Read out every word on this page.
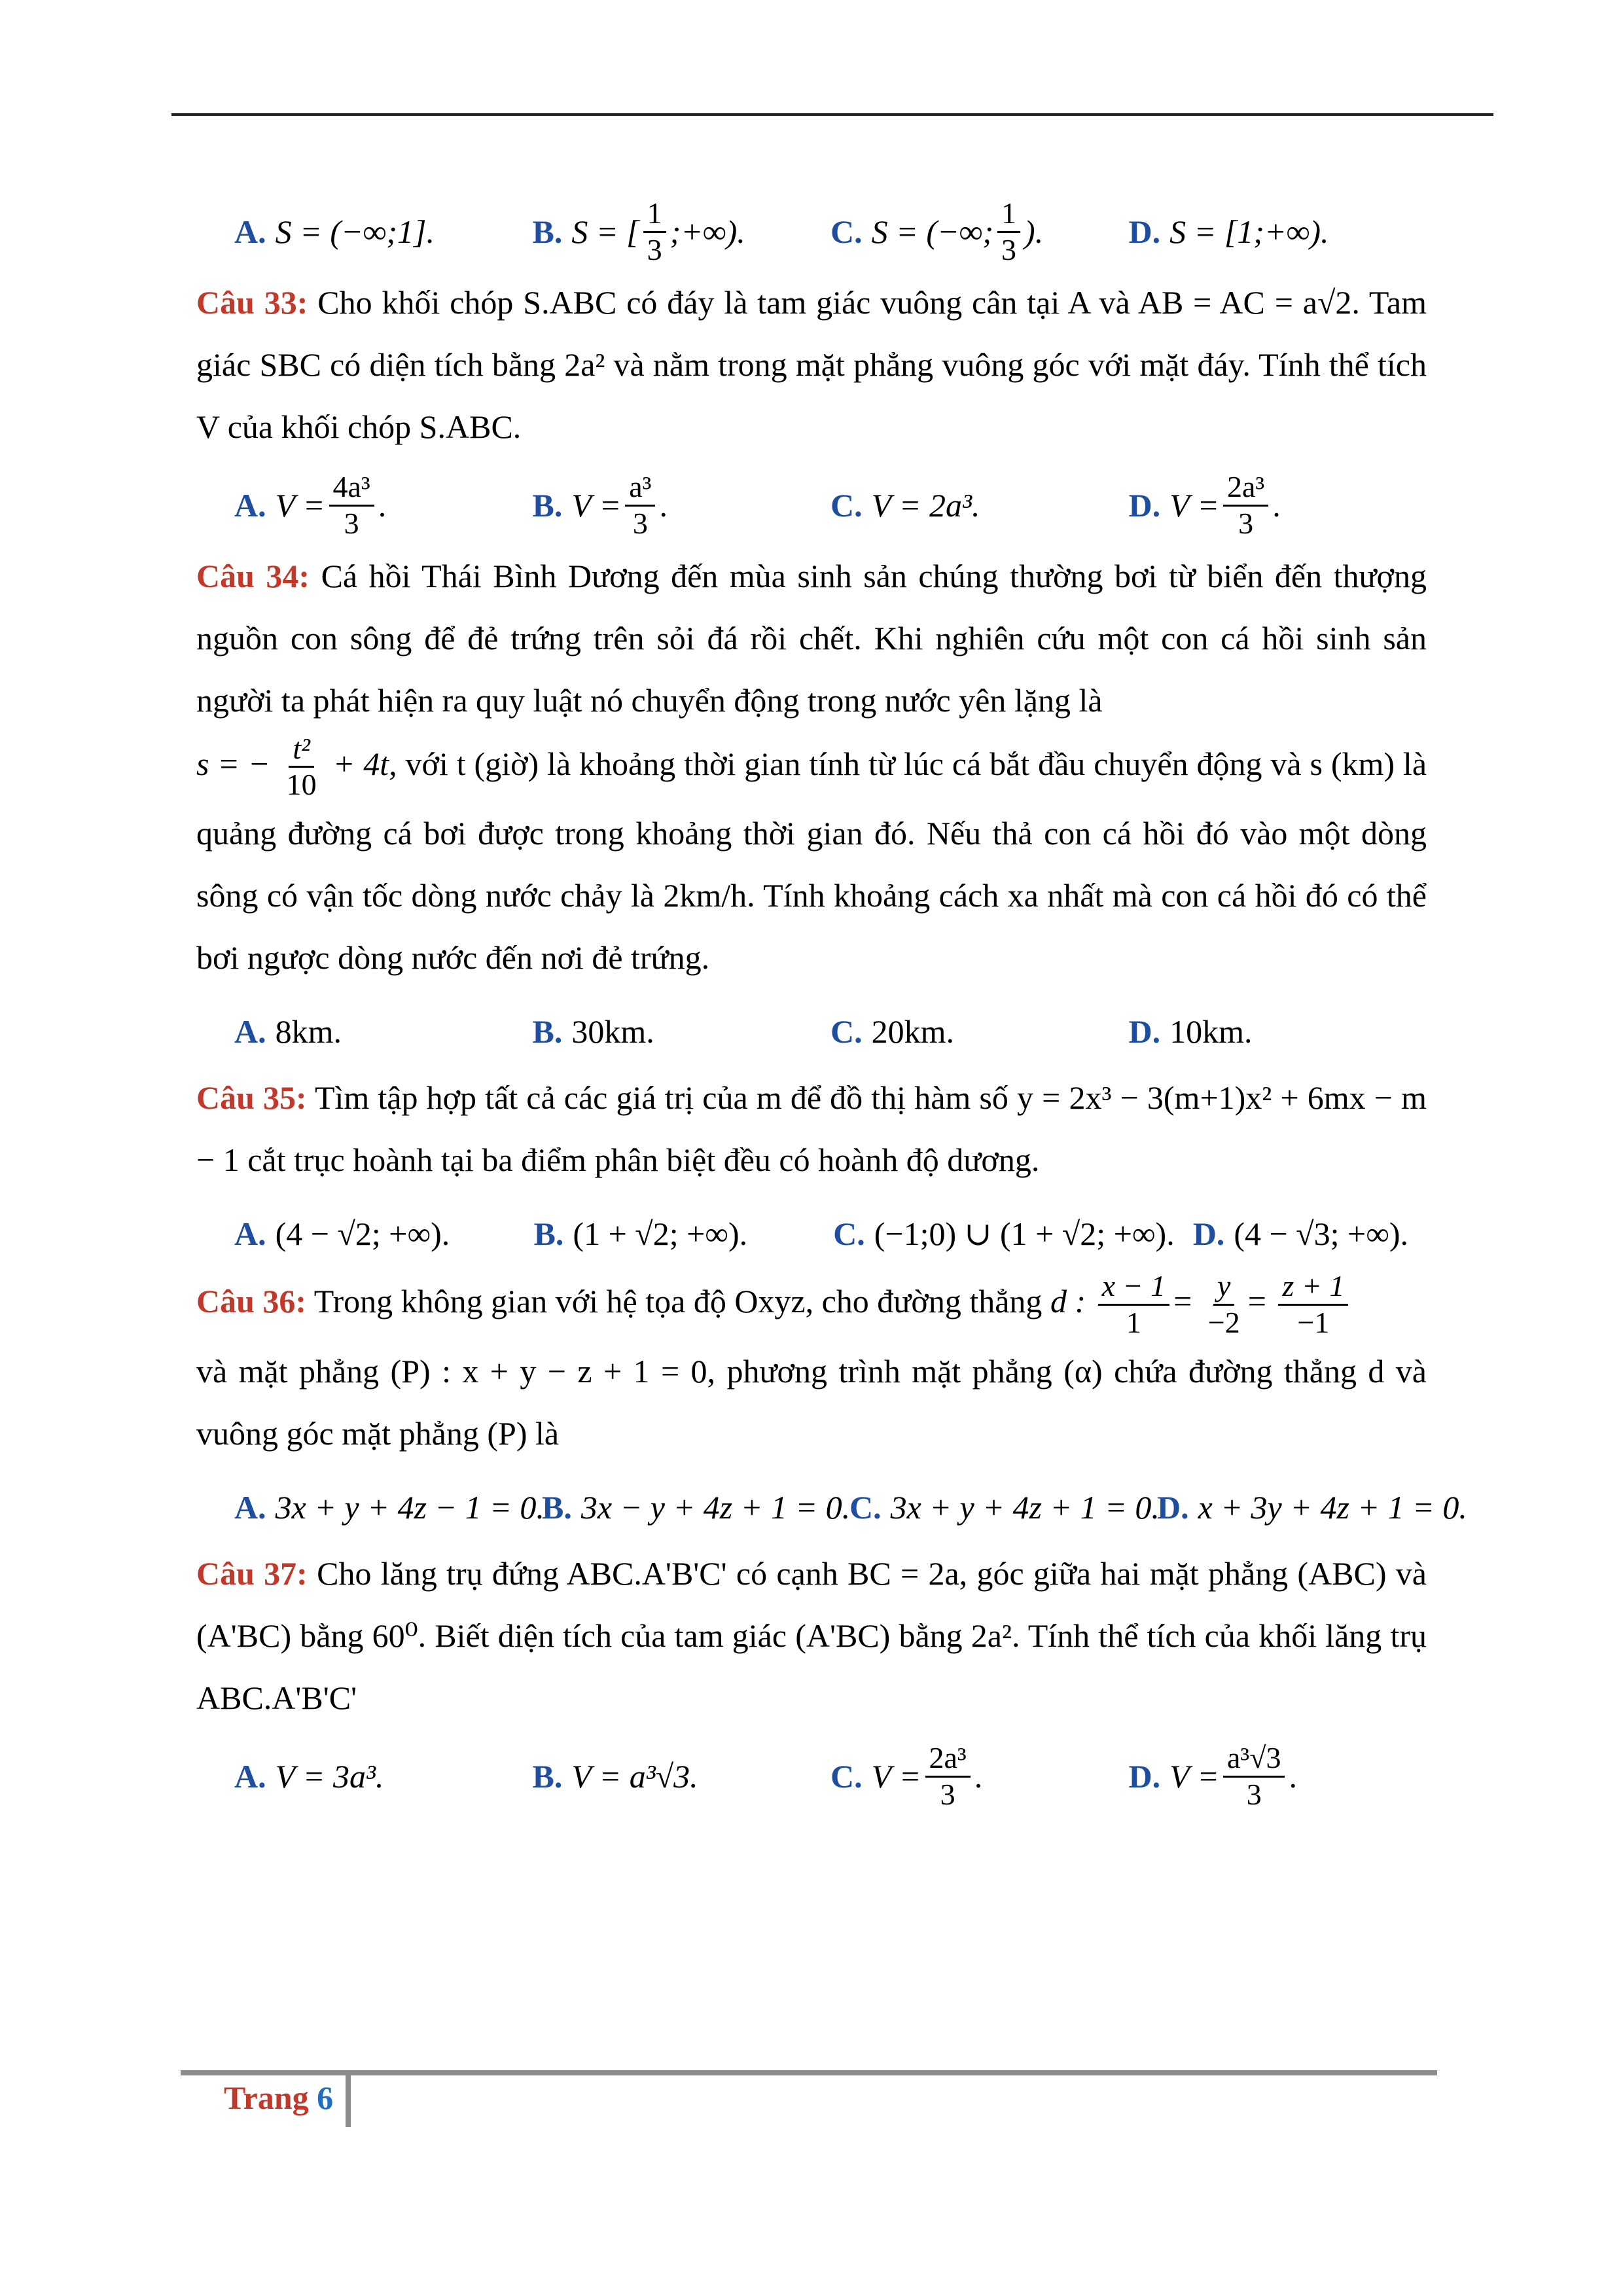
A. S = (−∞;1].	B. S = [ $\frac{1}{3}$ ;+∞).	C. S = (−∞; $\frac{1}{3}$ ).	D. S = [1;+∞).

Câu 33: Cho khối chóp S.ABC có đáy là tam giác vuông cân tại A và AB = AC = a√2. Tam giác SBC có diện tích bằng 2a² và nằm trong mặt phẳng vuông góc với mặt đáy. Tính thể tích V của khối chóp S.ABC.

A. $V = \frac{\text{4a³}}{3}$ .	B. $V = \frac{\text{a³}}{3}$ .	C. V = 2a³.	D. $V = \frac{\text{2a³}}{3}$ .

Câu 34: Cá hồi Thái Bình Dương đến mùa sinh sản chúng thường bơi từ biển đến thượng nguồn con sông để đẻ trứng trên sỏi đá rồi chết. Khi nghiên cứu một con cá hồi sinh sản người ta phát hiện ra quy luật nó chuyển động trong nước yên lặng là
s = − $\frac{\text{t²}}{10} + 4t$, với t (giờ) là khoảng thời gian tính từ lúc cá bắt đầu chuyển động và s (km) là quảng đường cá bơi được trong khoảng thời gian đó. Nếu thả con cá hồi đó vào một dòng sông có vận tốc dòng nước chảy là 2km/h. Tính khoảng cách xa nhất mà con cá hồi đó có thể bơi ngược dòng nước đến nơi đẻ trứng.

A. 8km.	B. 30km.	C. 20km.	D. 10km.

Câu 35: Tìm tập hợp tất cả các giá trị của m để đồ thị hàm số y = 2x³ − 3(m+1)x² + 6mx − m − 1 cắt trục hoành tại ba điểm phân biệt đều có hoành độ dương.

A. (4 − √2; +∞).	B. (1 + √2; +∞).	C. (−1;0) ∪ (1 + √2; +∞). D. (4 − √3; +∞).

Câu 36: Trong không gian với hệ tọa độ Oxyz, cho đường thẳng d : $\frac{x - 1}{1} = \frac{y}{-2} = \frac{z + 1}{-1}$

và mặt phẳng (P) : x + y − z + 1 = 0, phương trình mặt phẳng (α) chứa đường thẳng d và vuông góc mặt phẳng (P) là

A. 3x + y + 4z − 1 = 0.
B. 3x − y + 4z + 1 = 0.
C. 3x + y + 4z + 1 = 0.
D. x + 3y + 4z + 1 = 0.

Câu 37: Cho lăng trụ đứng ABC.A'B'C' có cạnh BC = 2a, góc giữa hai mặt phẳng (ABC) và (A'BC) bằng 60⁰. Biết diện tích của tam giác (A'BC) bằng 2a². Tính thể tích của khối lăng trụ ABC.A'B'C'

A. V = 3a³.	B. V = a³√3.	C. $V = \frac{\text{2a³}}{3}$ .	D. $V = \frac{\text{a³√3}}{3}$ .
Trang 6
